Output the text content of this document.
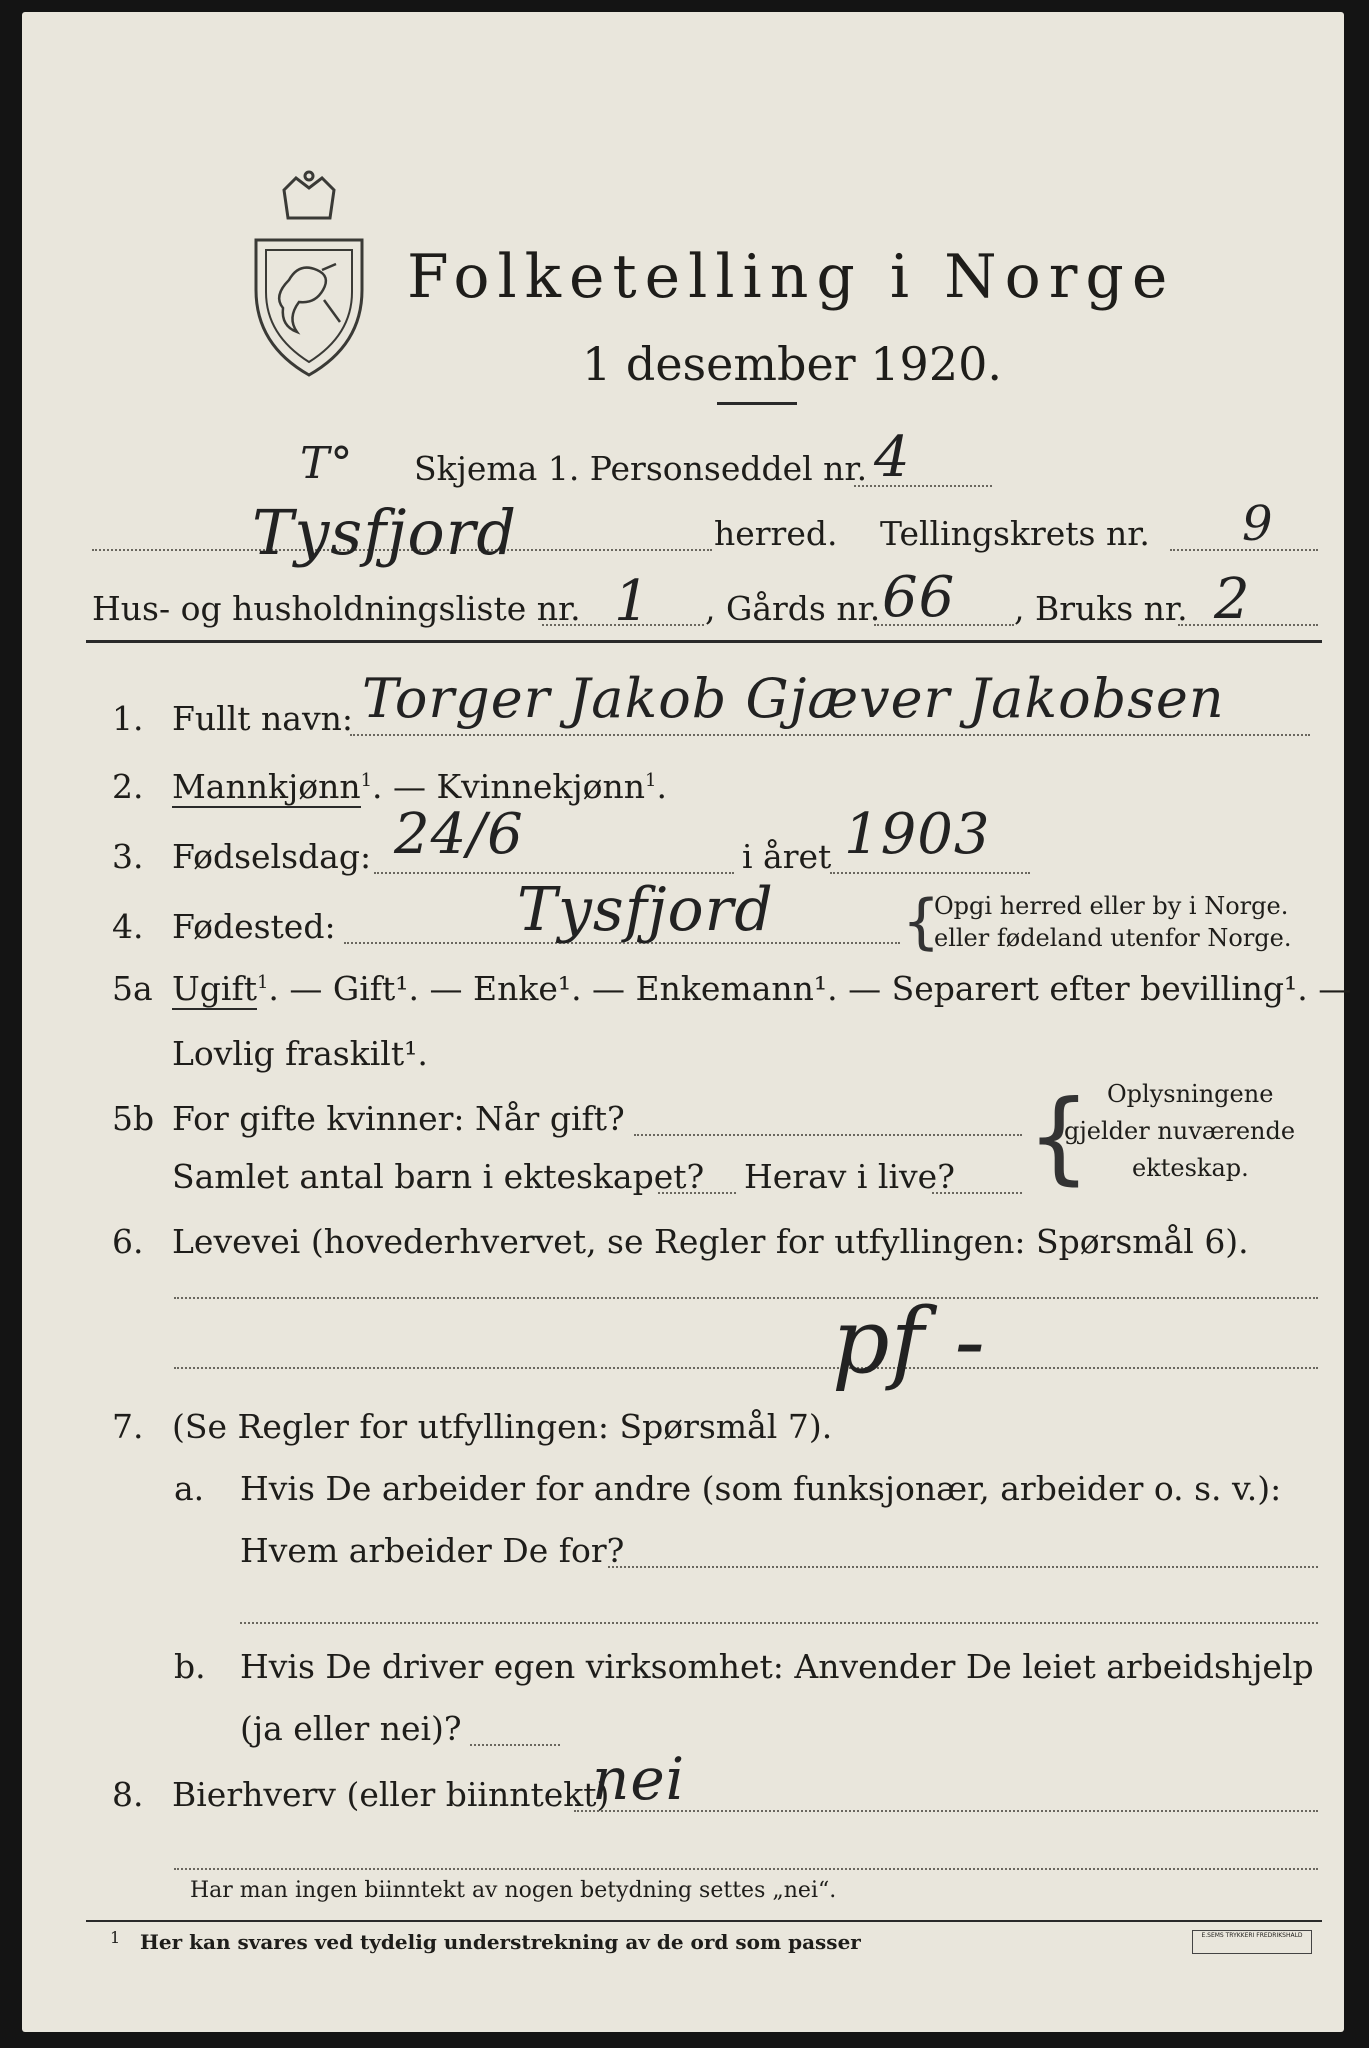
Folketelling i Norge
1 desember 1920.
T° Skjema 1. Personseddel nr. 4
Tysfjord	herred. Tellingskrets nr. 9
Hus- og husholdningsliste nr. 1 , Gårds nr. 66 , Bruks nr. 2
1. Fullt navn: Torger Jakob Gjæver Jakobsen
2. Mannkjønn$^1$. — Kvinnekjønn$^1$.
3. Fødselsdag: 24/6	i året 1903
4. Fødested:	Tysfjord {
Opgi herred eller by i Norge.
eller fødeland utenfor Norge.
5a Ugift$^1$. — Gift¹. — Enke¹. — Enkemann¹. — Separert efter bevilling¹. —
Lovlig fraskilt¹.
5b For gifte kvinner: Når gift?
Samlet antal barn i ekteskapet? Herav i live? { Oplysningene
gjelder nuværende
ekteskap.
6. Levevei (hovederhvervet, se Regler for utfyllingen: Spørsmål 6).
pf -
7. (Se Regler for utfyllingen: Spørsmål 7).
a. Hvis De arbeider for andre (som funksjonær, arbeider o. s. v.):
Hvem arbeider De for?
b. Hvis De driver egen virksomhet: Anvender De leiet arbeidshjelp
(ja eller nei)?
8. Bierhverv (eller biinntekt)
nei
Har man ingen biinntekt av nogen betydning settes „nei“.
1 Her kan svares ved tydelig understrekning av de ord som passer	E.SEMS TRYKKERI FREDRIKSHALD
